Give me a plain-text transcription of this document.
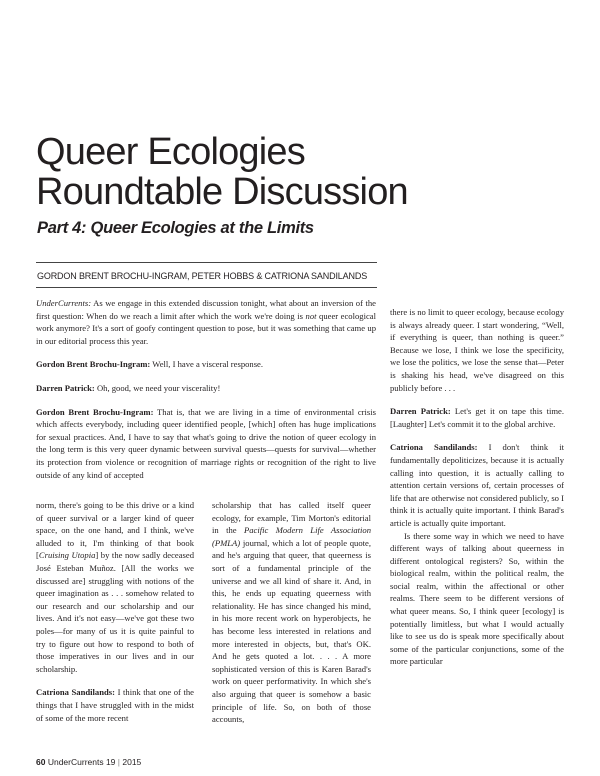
Queer Ecologies
Roundtable Discussion
Part 4: Queer Ecologies at the Limits
GORDON BRENT BROCHU-INGRAM, PETER HOBBS & CATRIONA SANDILANDS

UnderCurrents: As we engage in this extended discussion tonight, what about an inversion of the first question: When do we reach a limit after which the work we're doing is not queer ecological work anymore? It's a sort of goofy contingent question to pose, but it was something that came up in our editorial process this year.

Gordon Brent Brochu-Ingram: Well, I have a visceral response.

Darren Patrick: Oh, good, we need your viscerality!

Gordon Brent Brochu-Ingram: That is, that we are living in a time of environmental crisis which affects everybody, including queer identified people, [which] often has huge implications for sexual practices. And, I have to say that what's going to drive the notion of queer ecology in the long term is this very queer dynamic between survival quests—quests for survival—whether its protection from violence or recognition of marriage rights or recognition of the right to live outside of any kind of accepted

norm, there's going to be this drive or a kind of queer survival or a larger kind of queer space, on the one hand, and I think, we've alluded to it, I'm thinking of that book [Cruising Utopia] by the now sadly deceased José Esteban Muñoz. [All the works we discussed are] struggling with notions of the queer imagination as . . . somehow related to our research and our scholarship and our lives. And it's not easy—we've got these two poles—for many of us it is quite painful to try to figure out how to respond to both of those imperatives in our lives and in our scholarship.

Catriona Sandilands: I think that one of the things that I have struggled with in the midst of some of the more recent

scholarship that has called itself queer ecology, for example, Tim Morton's editorial in the Pacific Modern Life Association (PMLA) journal, which a lot of people quote, and he's arguing that queer, that queerness is sort of a fundamental principle of the universe and we all kind of share it. And, in this, he ends up equating queerness with relationality. He has since changed his mind, in his more recent work on hyperobjects, he has become less interested in relations and more interested in objects, but, that's OK. And he gets quoted a lot. . . . A more sophisticated version of this is Karen Barad's work on queer performativity. In which she's also arguing that queer is somehow a basic principle of life. So, on both of those accounts,

there is no limit to queer ecology, because ecology is always already queer. I start wondering, “Well, if everything is queer, than nothing is queer.” Because we lose, I think we lose the specificity, we lose the politics, we lose the sense that—Peter is shaking his head, we've disagreed on this publicly before . . .

Darren Patrick: Let's get it on tape this time. [Laughter] Let's commit it to the global archive.

Catriona Sandilands: I don't think it fundamentally depoliticizes, because it is actually calling into question, it is actually calling to attention certain versions of, certain processes of life that are otherwise not considered publicly, so I think it is actually quite important. I think Barad's article is actually quite important.

Is there some way in which we need to have different ways of talking about queerness in different ontological registers? So, within the biological realm, within the political realm, the social realm, within the affectional or other realms. There seem to be different versions of what queer means. So, I think queer [ecology] is potentially limitless, but what I would actually like to see us do is speak more specifically about some of the particular conjunctions, some of the more particular

60 UnderCurrents 19 | 2015
